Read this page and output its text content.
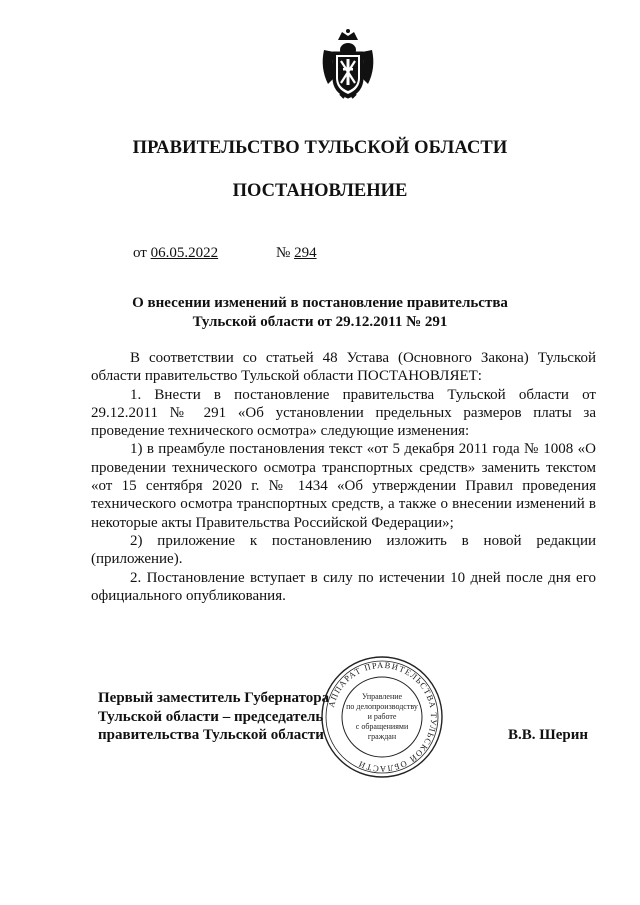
ПРАВИТЕЛЬСТВО ТУЛЬСКОЙ ОБЛАСТИ
ПОСТАНОВЛЕНИЕ
от 06.05.2022	№ 294
О внесении изменений в постановление правительства
Тульской области от 29.12.2011 № 291

В соответствии со статьей 48 Устава (Основного Закона) Тульской области правительство Тульской области ПОСТАНОВЛЯЕТ:

1. Внести в постановление правительства Тульской области от 29.12.2011 № 291 «Об установлении предельных размеров платы за проведение технического осмотра» следующие изменения:

1) в преамбуле постановления текст «от 5 декабря 2011 года № 1008 «О проведении технического осмотра транспортных средств» заменить текстом «от 15 сентября 2020 г. № 1434 «Об утверждении Правил проведения технического осмотра транспортных средств, а также о внесении изменений в некоторые акты Правительства Российской Федерации»;

2) приложение к постановлению изложить в новой редакции (приложение).

2. Постановление вступает в силу по истечении 10 дней после дня его официального опубликования.

Первый заместитель Губернатора
Тульской области – председатель
правительства Тульской области	В.В. Шерин
АППАРАТ ПРАВИТЕЛЬСТВА ТУЛЬСКОЙ ОБЛАСТИ
Управление
по делопроизводству
и работе
с обращениями
граждан
